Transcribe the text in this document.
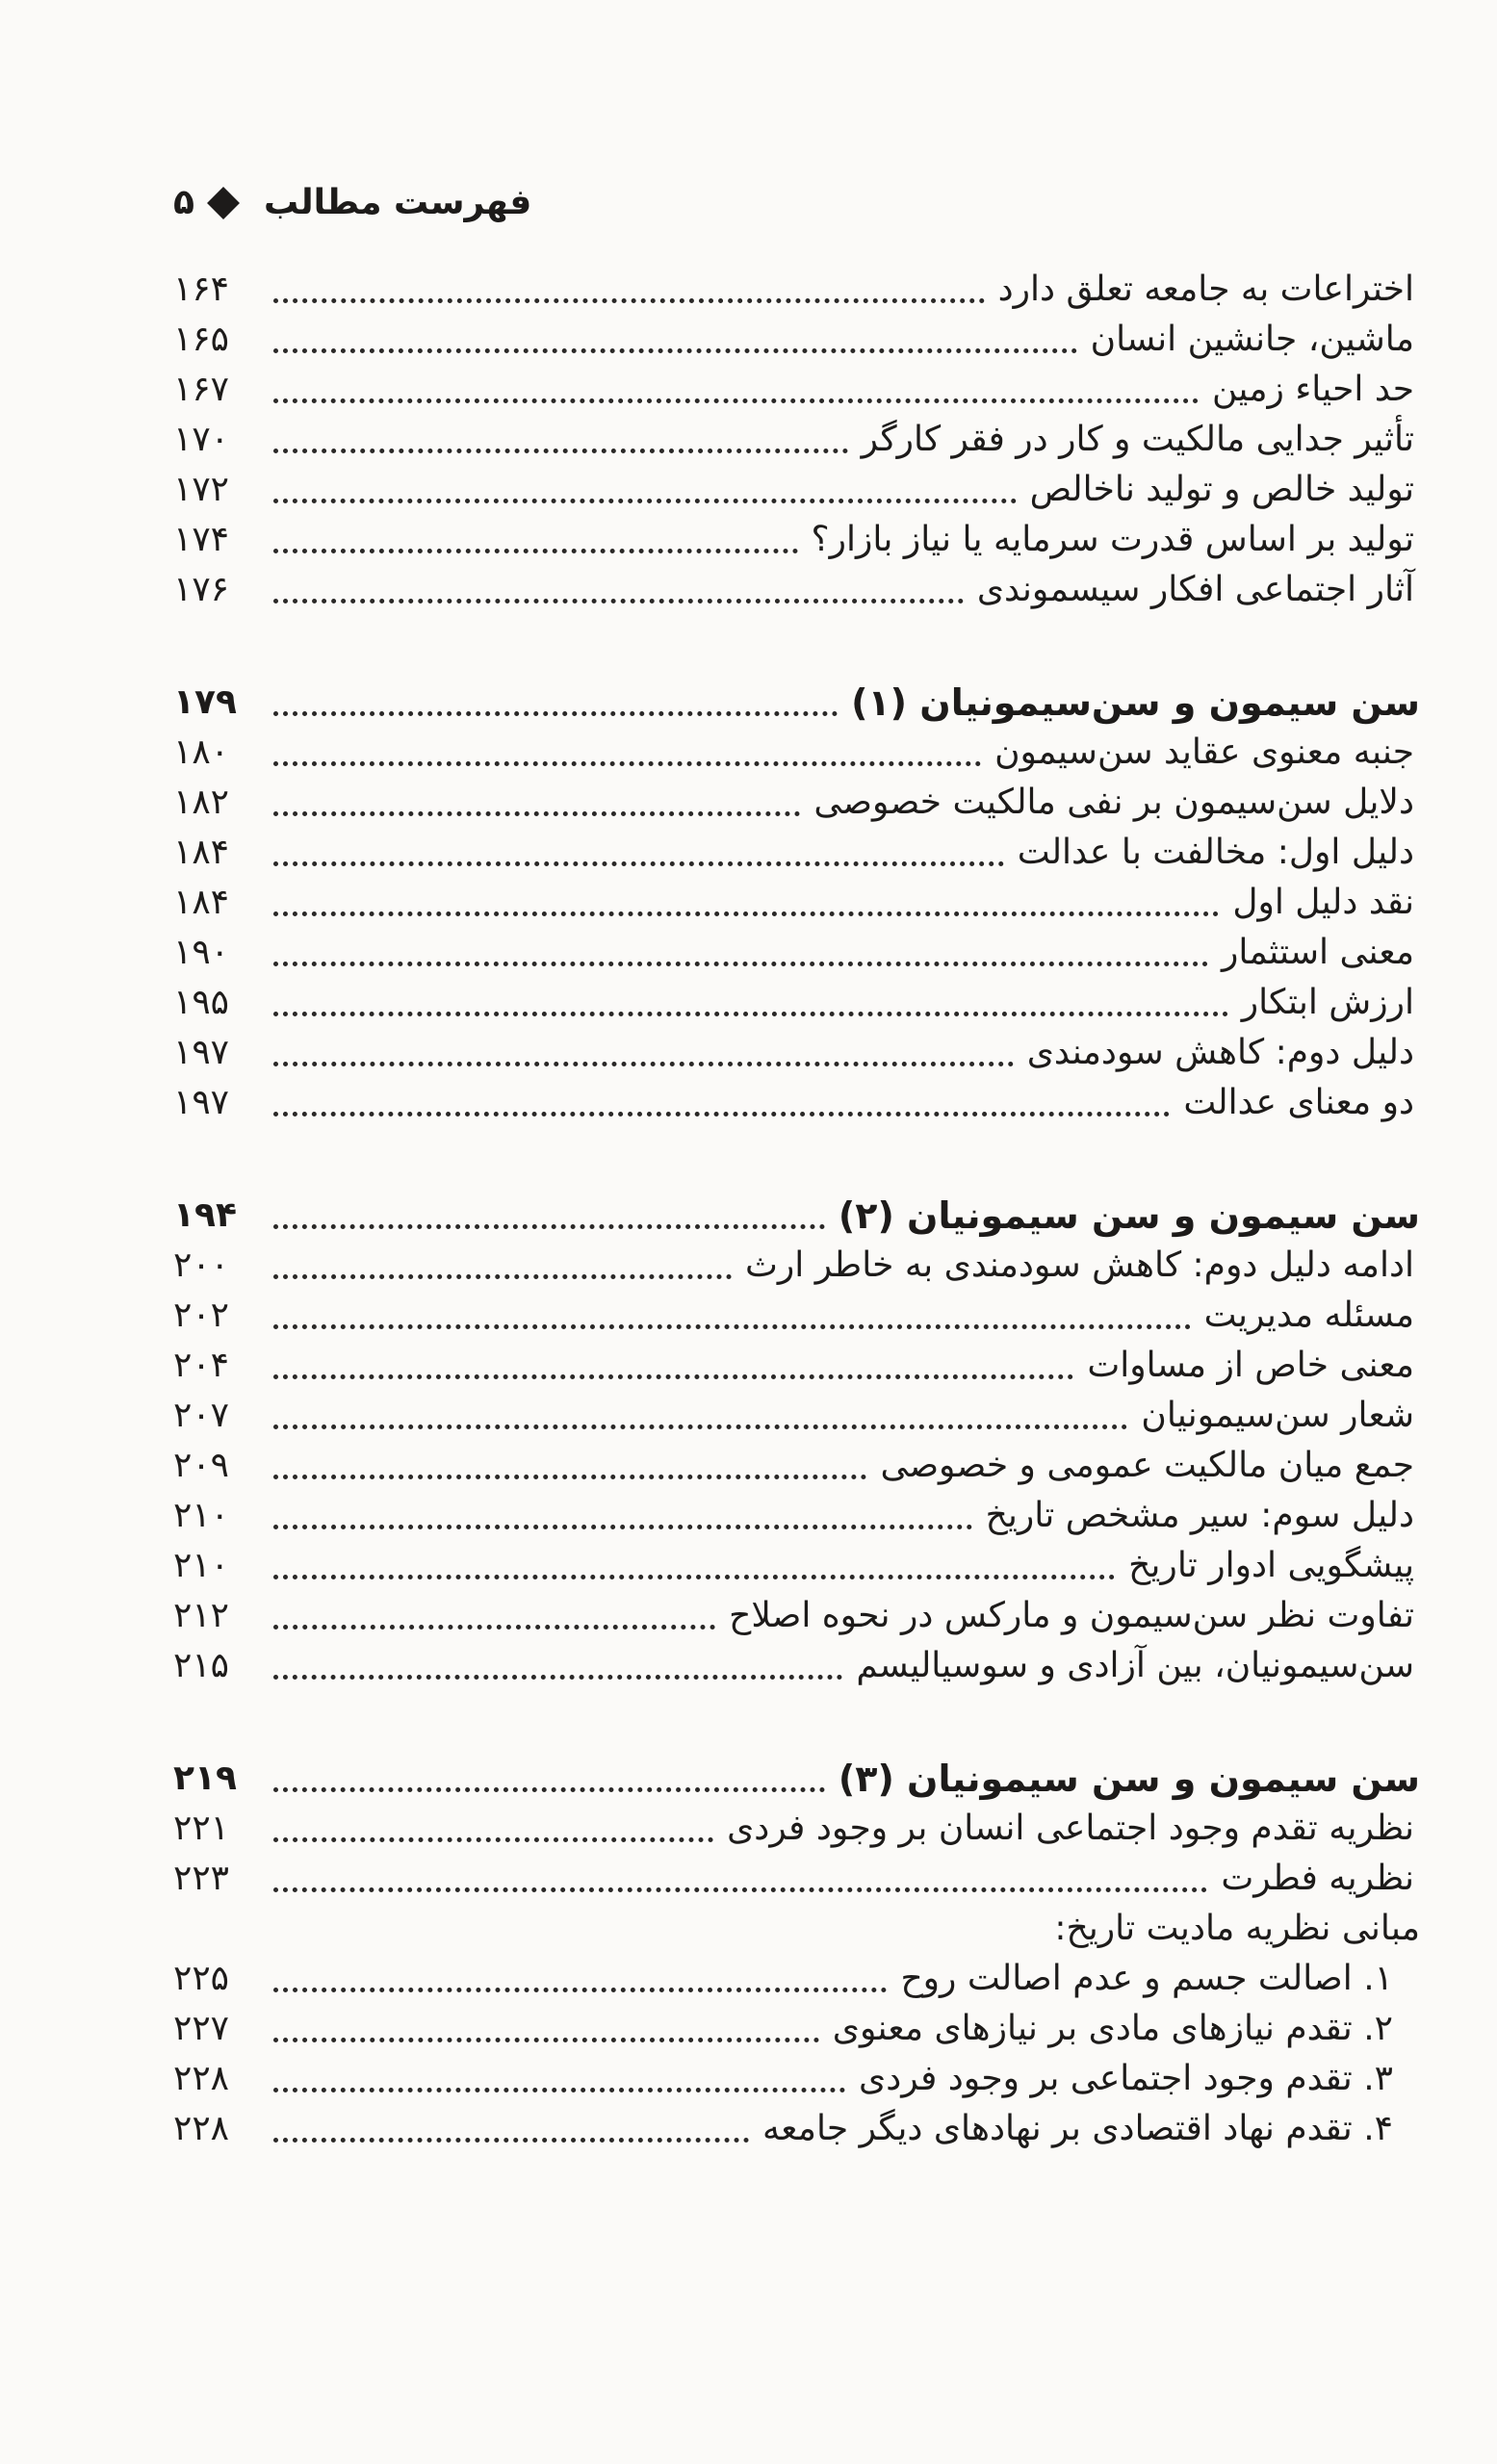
۵ فهرست مطالب
اختراعات به جامعه تعلق دارد
۱۶۴
ماشین، جانشین انسان
۱۶۵
حد احیاء زمین
۱۶۷
تأثیر جدایی مالکیت و کار در فقر کارگر
۱۷۰
تولید خالص و تولید ناخالص
۱۷۲
تولید بر اساس قدرت سرمایه یا نیاز بازار؟
۱۷۴
آثار اجتماعی افکار سیسموندی
۱۷۶
سن سیمون و سن‌سیمونیان (۱)
۱۷۹
جنبه معنوی عقاید سن‌سیمون
۱۸۰
دلایل سن‌سیمون بر نفی مالکیت خصوصی
۱۸۲
دلیل اول: مخالفت با عدالت
۱۸۴
نقد دلیل اول
۱۸۴
معنی استثمار
۱۹۰
ارزش ابتکار
۱۹۵
دلیل دوم: کاهش سودمندی
۱۹۷
دو معنای عدالت
۱۹۷
سن سیمون و سن سیمونیان (۲)
۱۹۴
ادامه دلیل دوم: کاهش سودمندی به خاطر ارث
۲۰۰
مسئله مدیریت
۲۰۲
معنی خاص از مساوات
۲۰۴
شعار سن‌سیمونیان
۲۰۷
جمع میان مالکیت عمومی و خصوصی
۲۰۹
دلیل سوم: سیر مشخص تاریخ
۲۱۰
پیشگویی ادوار تاریخ
۲۱۰
تفاوت نظر سن‌سیمون و مارکس در نحوه اصلاح
۲۱۲
سن‌سیمونیان، بین آزادی و سوسیالیسم
۲۱۵
سن سیمون و سن سیمونیان (۳)
۲۱۹
نظریه تقدم وجود اجتماعی انسان بر وجود فردی
۲۲۱
نظریه فطرت
۲۲۳
مبانی نظریه مادیت تاریخ:
۱. اصالت جسم و عدم اصالت روح
۲۲۵
۲. تقدم نیازهای مادی بر نیازهای معنوی
۲۲۷
۳. تقدم وجود اجتماعی بر وجود فردی
۲۲۸
۴. تقدم نهاد اقتصادی بر نهادهای دیگر جامعه
۲۲۸
